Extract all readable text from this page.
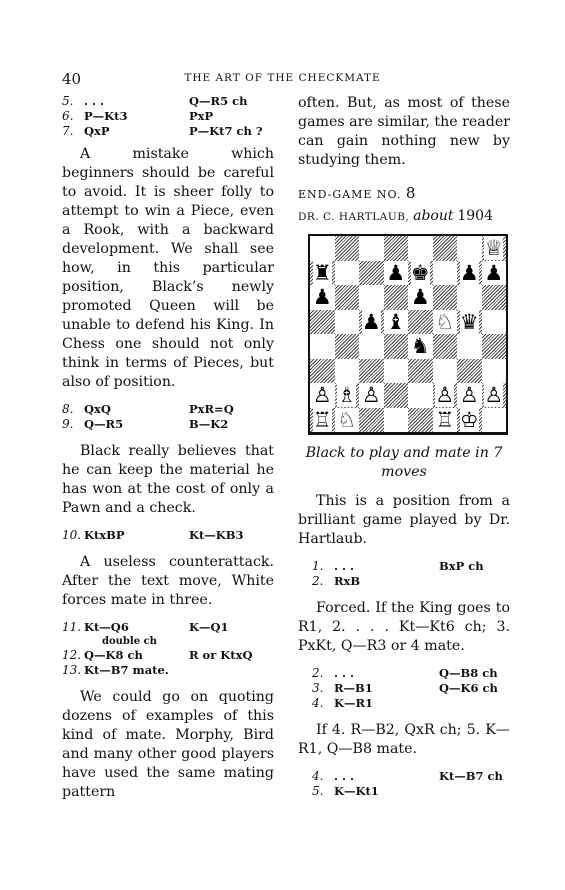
40	THE ART OF THE CHECKMATE
5. . . .	Q—R5 ch
6. P—Kt3	PxP
7. QxP	P—Kt7 ch ?

A mistake which beginners should be careful to avoid. It is sheer folly to attempt to win a Piece, even a Rook, with a backward development. We shall see how, in this particular position, Black’s newly promoted Queen will be unable to defend his King. In Chess one should not only think in terms of Pieces, but also of position.

8. QxQ	PxR=Q
9. Q—R5	B—K2

Black really believes that he can keep the material he has won at the cost of only a Pawn and a check.

10. KtxBP	Kt—KB3

A useless counterattack. After the text move, White forces mate in three.

11. Kt—Q6	K—Q1
double ch
12. Q—K8 ch	R or KtxQ
13. Kt—B7 mate.

We could go on quoting dozens of examples of this kind of mate. Morphy, Bird and many other good players have used the same mating pattern

often. But, as most of these games are similar, the reader can gain nothing new by studying them.

END-GAME NO. 8
DR. C. HARTLAUB, about 1904
♕
♜	♟ ♚ ♟ ♟
♟	♟
♟ ♝ ♘ ♛
♞
♙ ♗ ♙	♙ ♙ ♙
♖ ♘	♖ ♔
Black to play and mate in 7 moves

This is a position from a brilliant game played by Dr. Hartlaub.

1. . . .	BxP ch
2. RxB

Forced. If the King goes to R1, 2. . . . Kt—Kt6 ch; 3. PxKt, Q—R3 or 4 mate.

2. . . .	Q—B8 ch
3. R—B1	Q—K6 ch
4. K—R1

If 4. R—B2, QxR ch; 5. K—R1, Q—B8 mate.

4. . . .	Kt—B7 ch
5. K—Kt1
